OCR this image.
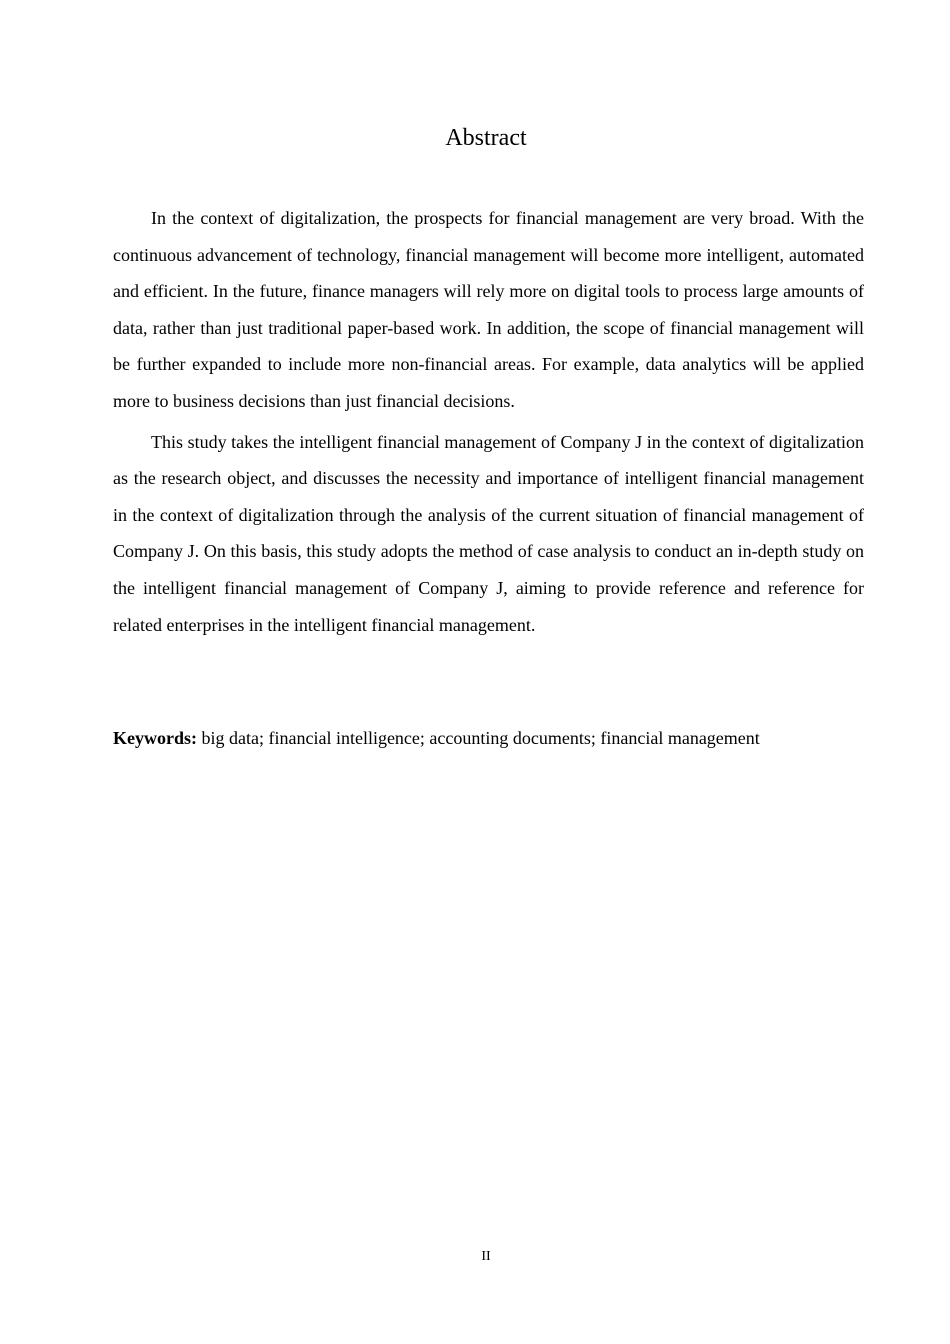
Abstract

In the context of digitalization, the prospects for financial management are very broad. With the continuous advancement of technology, financial management will become more intelligent, automated and efficient. In the future, finance managers will rely more on digital tools to process large amounts of data, rather than just traditional paper-based work. In addition, the scope of financial management will be further expanded to include more non-financial areas. For example, data analytics will be applied more to business decisions than just financial decisions.

This study takes the intelligent financial management of Company J in the context of digitalization as the research object, and discusses the necessity and importance of intelligent financial management in the context of digitalization through the analysis of the current situation of financial management of Company J. On this basis, this study adopts the method of case analysis to conduct an in-depth study on the intelligent financial management of Company J, aiming to provide reference and reference for related enterprises in the intelligent financial management.

Keywords: big data; financial intelligence; accounting documents; financial management

II
